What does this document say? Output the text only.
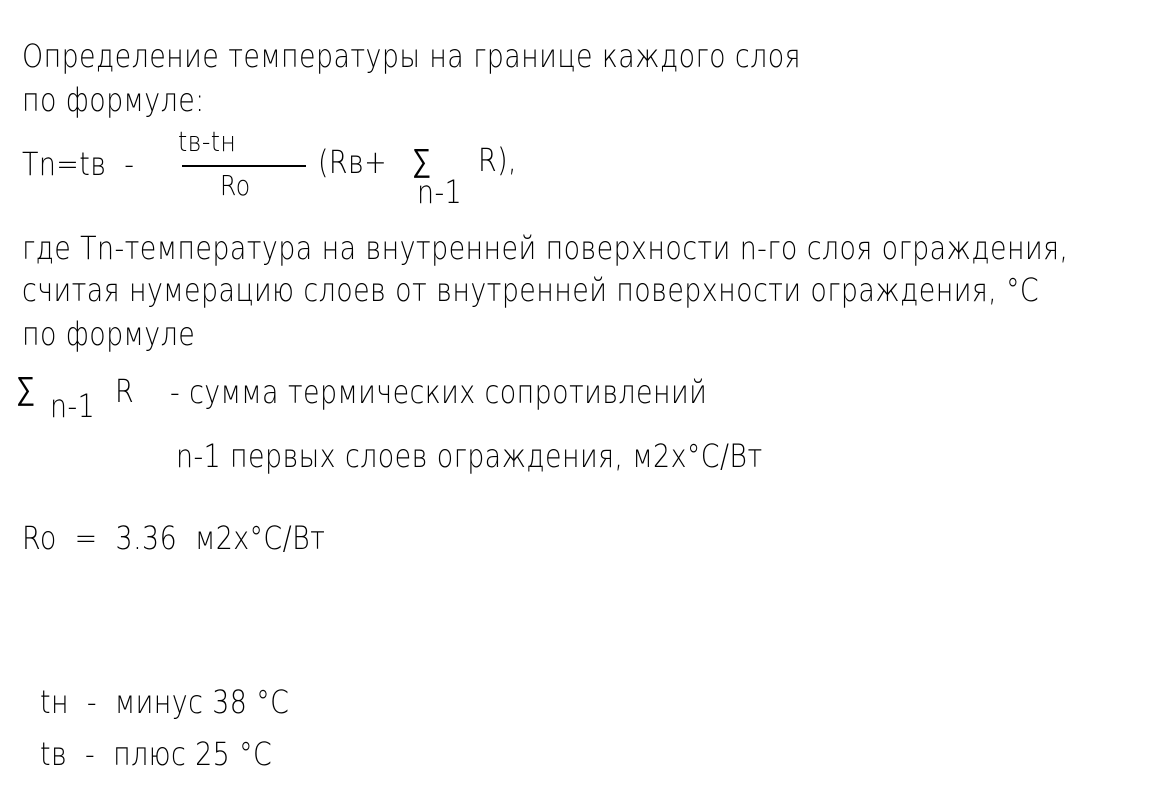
Определение температуры на границе каждого слоя
по формуле:
Tn=tв  -
tв-tн
Ro
(Rв+ ∑
n-1
R),
где Tn-температура на внутренней поверхности n-го слоя ограждения,
считая нумерацию слоев от внутренней поверхности ограждения, °С
по формуле
∑ n-1 R - сумма термических сопротивлений
n-1 первых слоев ограждения, м2х°С/Вт
Ro  =  3.36  м2х°С/Вт
tн  -  минус 38 °С
tв  -  плюс 25 °С
